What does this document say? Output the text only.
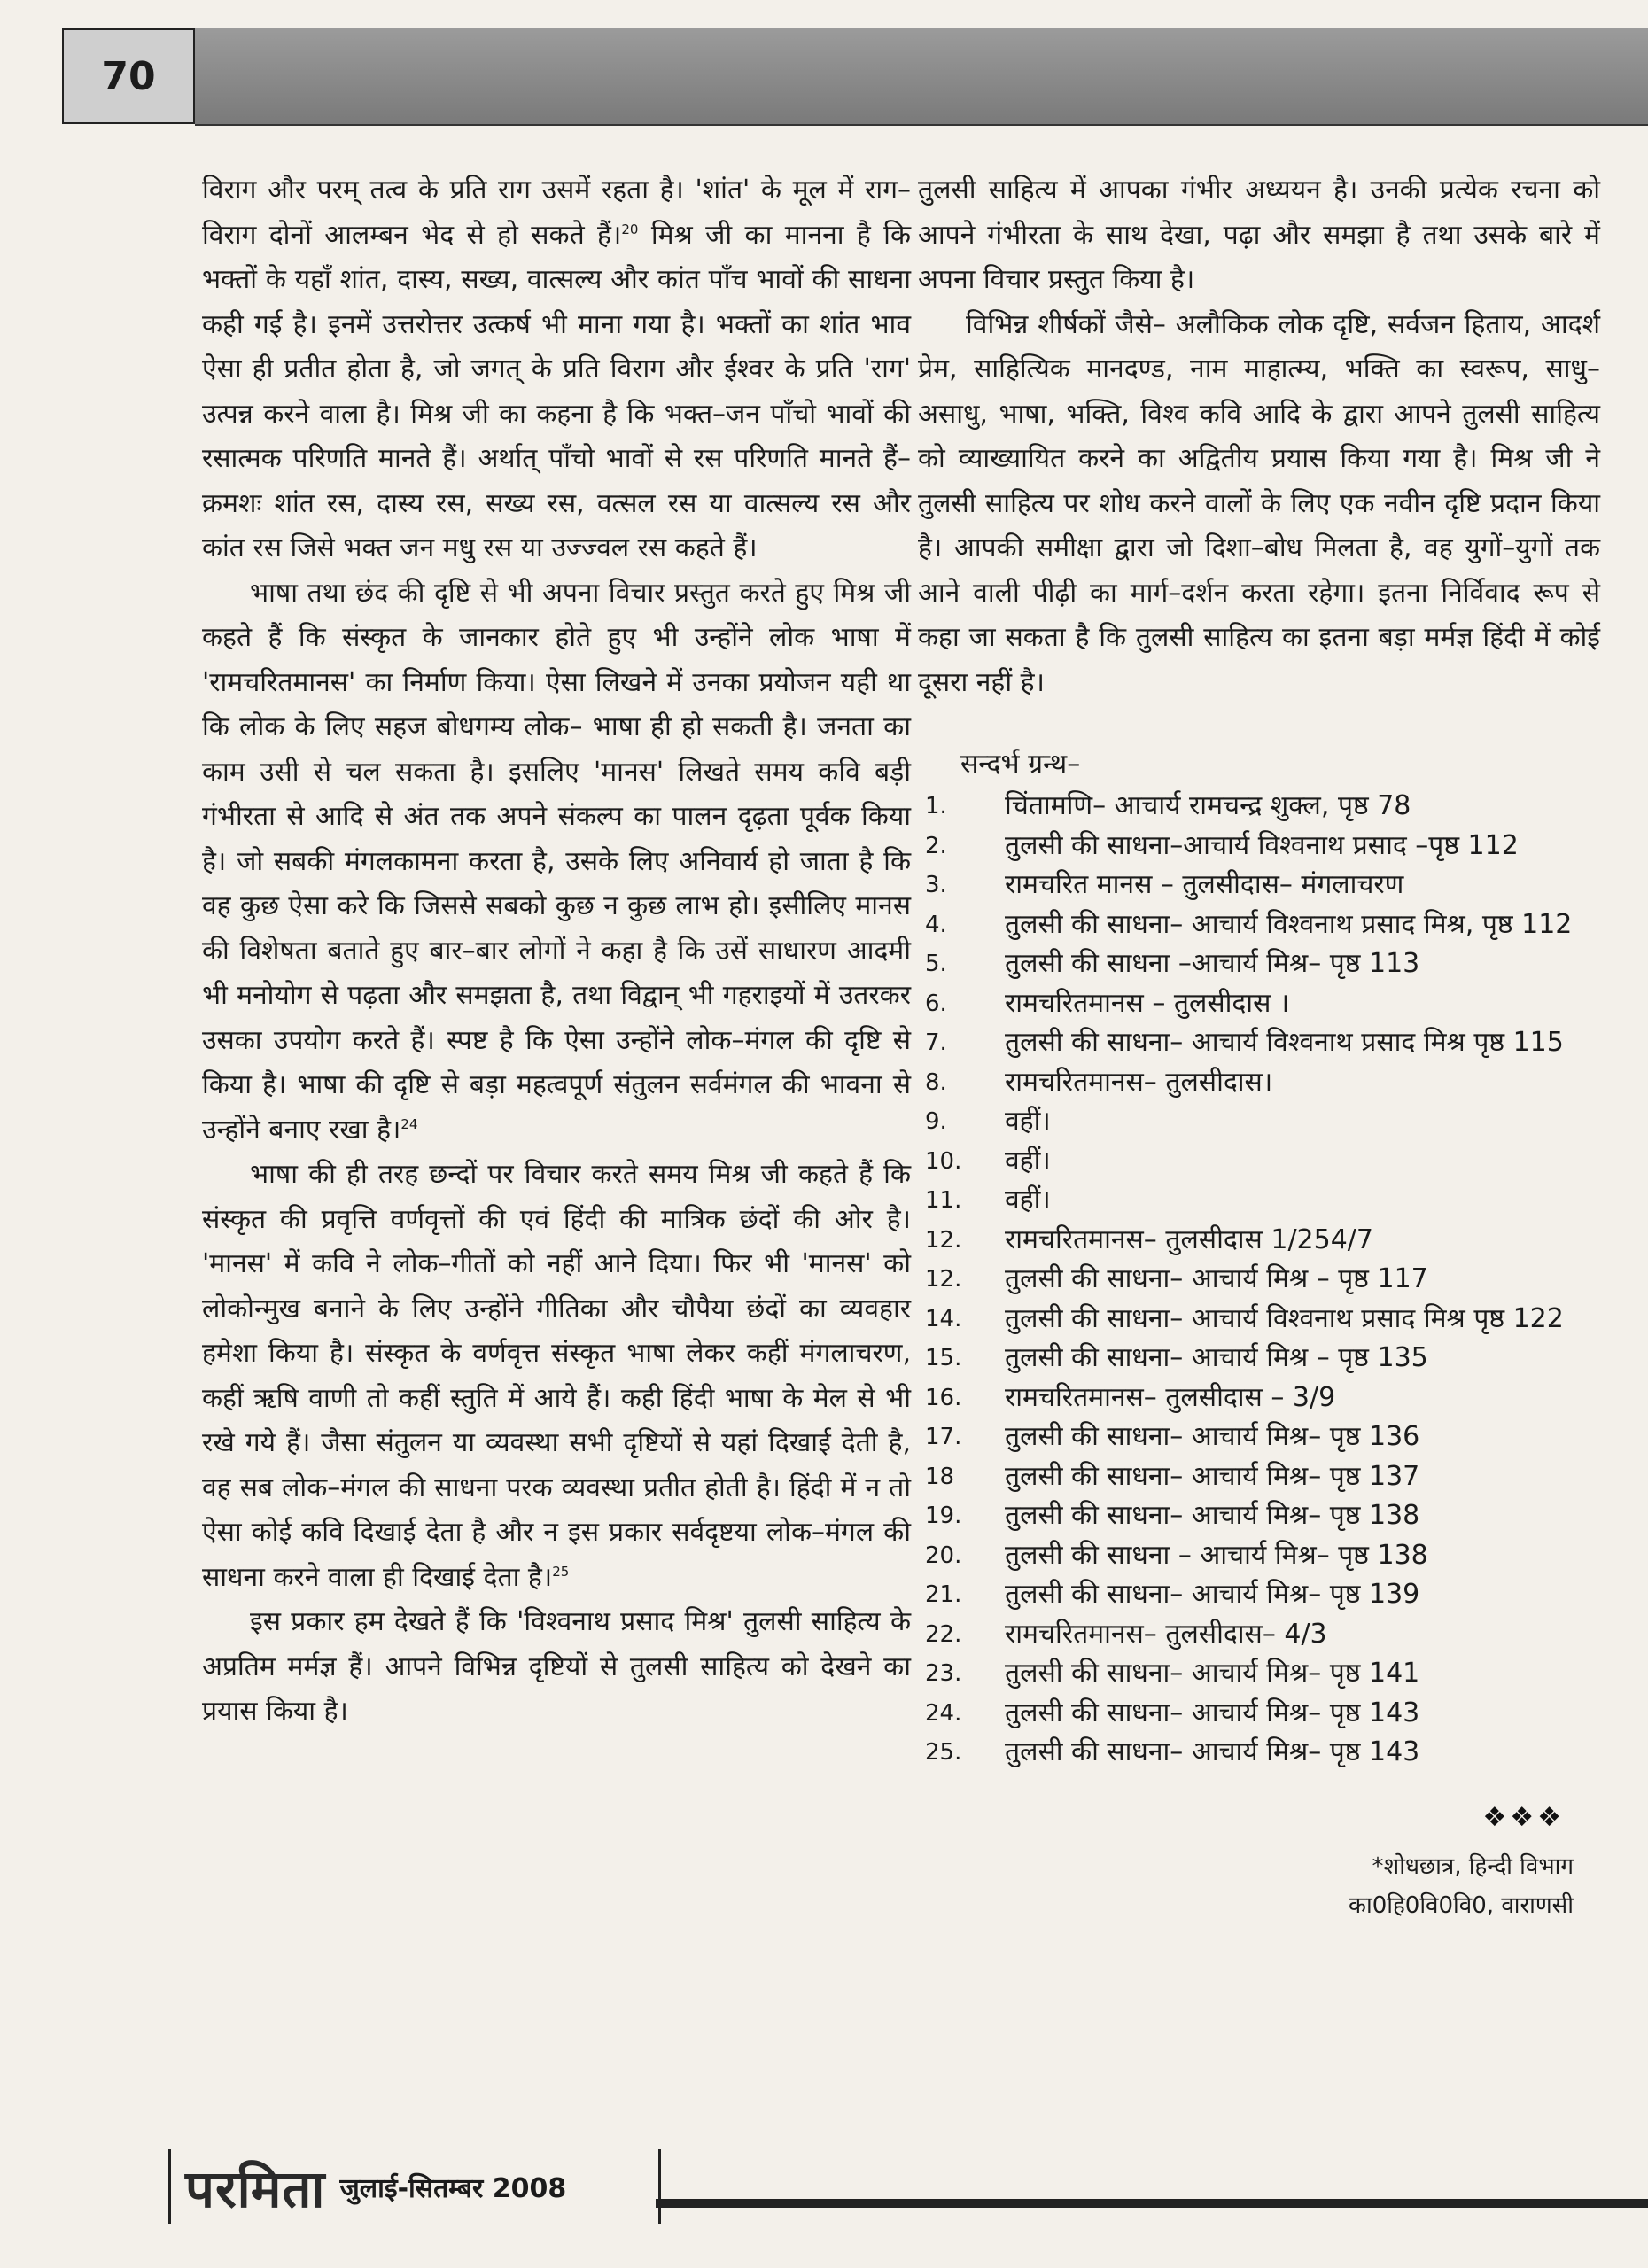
70

विराग और परम् तत्व के प्रति राग उसमें रहता है। 'शांत' के मूल में राग–विराग दोनों आलम्बन भेद से हो सकते हैं।$^{20}$ मिश्र जी का मानना है कि भक्तों के यहाँ शांत, दास्य, सख्य, वात्सल्य और कांत पाँच भावों की साधना कही गई है। इनमें उत्तरोत्तर उत्कर्ष भी माना गया है। भक्तों का शांत भाव ऐसा ही प्रतीत होता है, जो जगत् के प्रति विराग और ईश्वर के प्रति 'राग' उत्पन्न करने वाला है। मिश्र जी का कहना है कि भक्त–जन पाँचो भावों की रसात्मक परिणति मानते हैं। अर्थात् पाँचो भावों से रस परिणति मानते हैं– क्रमशः शांत रस, दास्य रस, सख्य रस, वत्सल रस या वात्सल्य रस और कांत रस जिसे भक्त जन मधु रस या उज्ज्वल रस कहते हैं।

भाषा तथा छंद की दृष्टि से भी अपना विचार प्रस्तुत करते हुए मिश्र जी कहते हैं कि संस्कृत के जानकार होते हुए भी उन्होंने लोक भाषा में 'रामचरितमानस' का निर्माण किया। ऐसा लिखने में उनका प्रयोजन यही था कि लोक के लिए सहज बोधगम्य लोक– भाषा ही हो सकती है। जनता का काम उसी से चल सकता है। इसलिए 'मानस' लिखते समय कवि बड़ी गंभीरता से आदि से अंत तक अपने संकल्प का पालन दृढ़ता पूर्वक किया है। जो सबकी मंगलकामना करता है, उसके लिए अनिवार्य हो जाता है कि वह कुछ ऐसा करे कि जिससे सबको कुछ न कुछ लाभ हो। इसीलिए मानस की विशेषता बताते हुए बार–बार लोगों ने कहा है कि उसें साधारण आदमी भी मनोयोग से पढ़ता और समझता है, तथा विद्वान् भी गहराइयों में उतरकर उसका उपयोग करते हैं। स्पष्ट है कि ऐसा उन्होंने लोक–मंगल की दृष्टि से किया है। भाषा की दृष्टि से बड़ा महत्वपूर्ण संतुलन सर्वमंगल की भावना से उन्होंने बनाए रखा है।$^{24}$

भाषा की ही तरह छन्दों पर विचार करते समय मिश्र जी कहते हैं कि संस्कृत की प्रवृत्ति वर्णवृत्तों की एवं हिंदी की मात्रिक छंदों की ओर है। 'मानस' में कवि ने लोक–गीतों को नहीं आने दिया। फिर भी 'मानस' को लोकोन्मुख बनाने के लिए उन्होंने गीतिका और चौपैया छंदों का व्यवहार हमेशा किया है। संस्कृत के वर्णवृत्त संस्कृत भाषा लेकर कहीं मंगलाचरण, कहीं ऋषि वाणी तो कहीं स्तुति में आये हैं। कही हिंदी भाषा के मेल से भी रखे गये हैं। जैसा संतुलन या व्यवस्था सभी दृष्टियों से यहां दिखाई देती है, वह सब लोक–मंगल की साधना परक व्यवस्था प्रतीत होती है। हिंदी में न तो ऐसा कोई कवि दिखाई देता है और न इस प्रकार सर्वदृष्टया लोक–मंगल की साधना करने वाला ही दिखाई देता है।$^{25}$

इस प्रकार हम देखते हैं कि 'विश्वनाथ प्रसाद मिश्र' तुलसी साहित्य के अप्रतिम मर्मज्ञ हैं। आपने विभिन्न दृष्टियों से तुलसी साहित्य को देखने का प्रयास किया है।

तुलसी साहित्य में आपका गंभीर अध्ययन है। उनकी प्रत्येक रचना को आपने गंभीरता के साथ देखा, पढ़ा और समझा है तथा उसके बारे में अपना विचार प्रस्तुत किया है।

विभिन्न शीर्षकों जैसे– अलौकिक लोक दृष्टि, सर्वजन हिताय, आदर्श प्रेम, साहित्यिक मानदण्ड, नाम माहात्म्य, भक्ति का स्वरूप, साधु–असाधु, भाषा, भक्ति, विश्व कवि आदि के द्वारा आपने तुलसी साहित्य को व्याख्यायित करने का अद्वितीय प्रयास किया गया है। मिश्र जी ने तुलसी साहित्य पर शोध करने वालों के लिए एक नवीन दृष्टि प्रदान किया है। आपकी समीक्षा द्वारा जो दिशा–बोध मिलता है, वह युगों–युगों तक आने वाली पीढ़ी का मार्ग–दर्शन करता रहेगा। इतना निर्विवाद रूप से कहा जा सकता है कि तुलसी साहित्य का इतना बड़ा मर्मज्ञ हिंदी में कोई दूसरा नहीं है।

सन्दर्भ ग्रन्थ–
1.	चिंतामणि– आचार्य रामचन्द्र शुक्ल, पृष्ठ 78
2.	तुलसी की साधना–आचार्य विश्वनाथ प्रसाद –पृष्ठ 112
3.	रामचरित मानस – तुलसीदास– मंगलाचरण
4.	तुलसी की साधना– आचार्य विश्वनाथ प्रसाद मिश्र, पृष्ठ 112
5.	तुलसी की साधना –आचार्य मिश्र– पृष्ठ 113
6.	रामचरितमानस – तुलसीदास ।
7.	तुलसी की साधना– आचार्य विश्वनाथ प्रसाद मिश्र पृष्ठ 115
8.	रामचरितमानस– तुलसीदास।
9.	वहीं।
10.	वहीं।
11.	वहीं।
12.	रामचरितमानस– तुलसीदास 1/254/7
12.	तुलसी की साधना– आचार्य मिश्र – पृष्ठ 117
14.	तुलसी की साधना– आचार्य विश्वनाथ प्रसाद मिश्र पृष्ठ 122
15.	तुलसी की साधना– आचार्य मिश्र – पृष्ठ 135
16.	रामचरितमानस– तुलसीदास – 3/9
17.	तुलसी की साधना– आचार्य मिश्र– पृष्ठ 136
18	तुलसी की साधना– आचार्य मिश्र– पृष्ठ 137
19.	तुलसी की साधना– आचार्य मिश्र– पृष्ठ 138
20.	तुलसी की साधना – आचार्य मिश्र– पृष्ठ 138
21.	तुलसी की साधना– आचार्य मिश्र– पृष्ठ 139
22.	रामचरितमानस– तुलसीदास– 4/3
23.	तुलसी की साधना– आचार्य मिश्र– पृष्ठ 141
24.	तुलसी की साधना– आचार्य मिश्र– पृष्ठ 143
25.	तुलसी की साधना– आचार्य मिश्र– पृष्ठ 143
❖❖❖
*शोधछात्र, हिन्दी विभाग
का0हि0वि0वि0, वाराणसी
परमिता जुलाई-सितम्बर 2008
